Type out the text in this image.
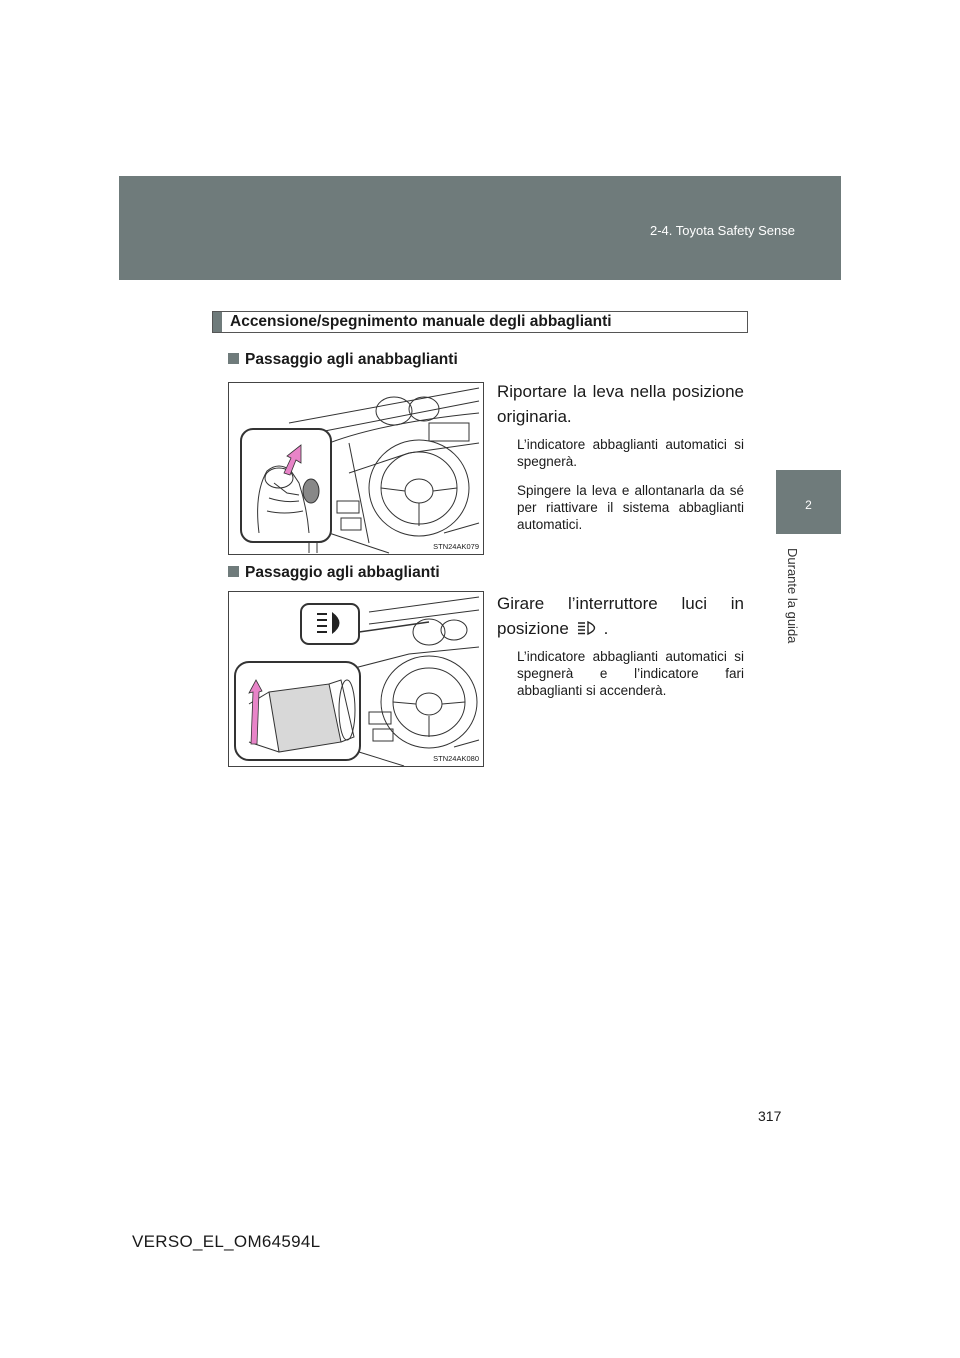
2-4. Toyota Safety Sense
2
Durante la guida
Accensione/spegnimento manuale degli abbaglianti
Passaggio agli anabbaglianti
STN24AK079
Riportare la leva nella posizione originaria.
L’indicatore abbaglianti automatici si spegnerà.
Spingere la leva e allontanarla da sé per riattivare il sistema abbaglianti automatici.
Passaggio agli abbaglianti
STN24AK080
Girare l’interruttore luci in posizione .
L’indicatore abbaglianti automatici si spegnerà e l’indicatore fari abbaglianti si accenderà.
317
VERSO_EL_OM64594L
